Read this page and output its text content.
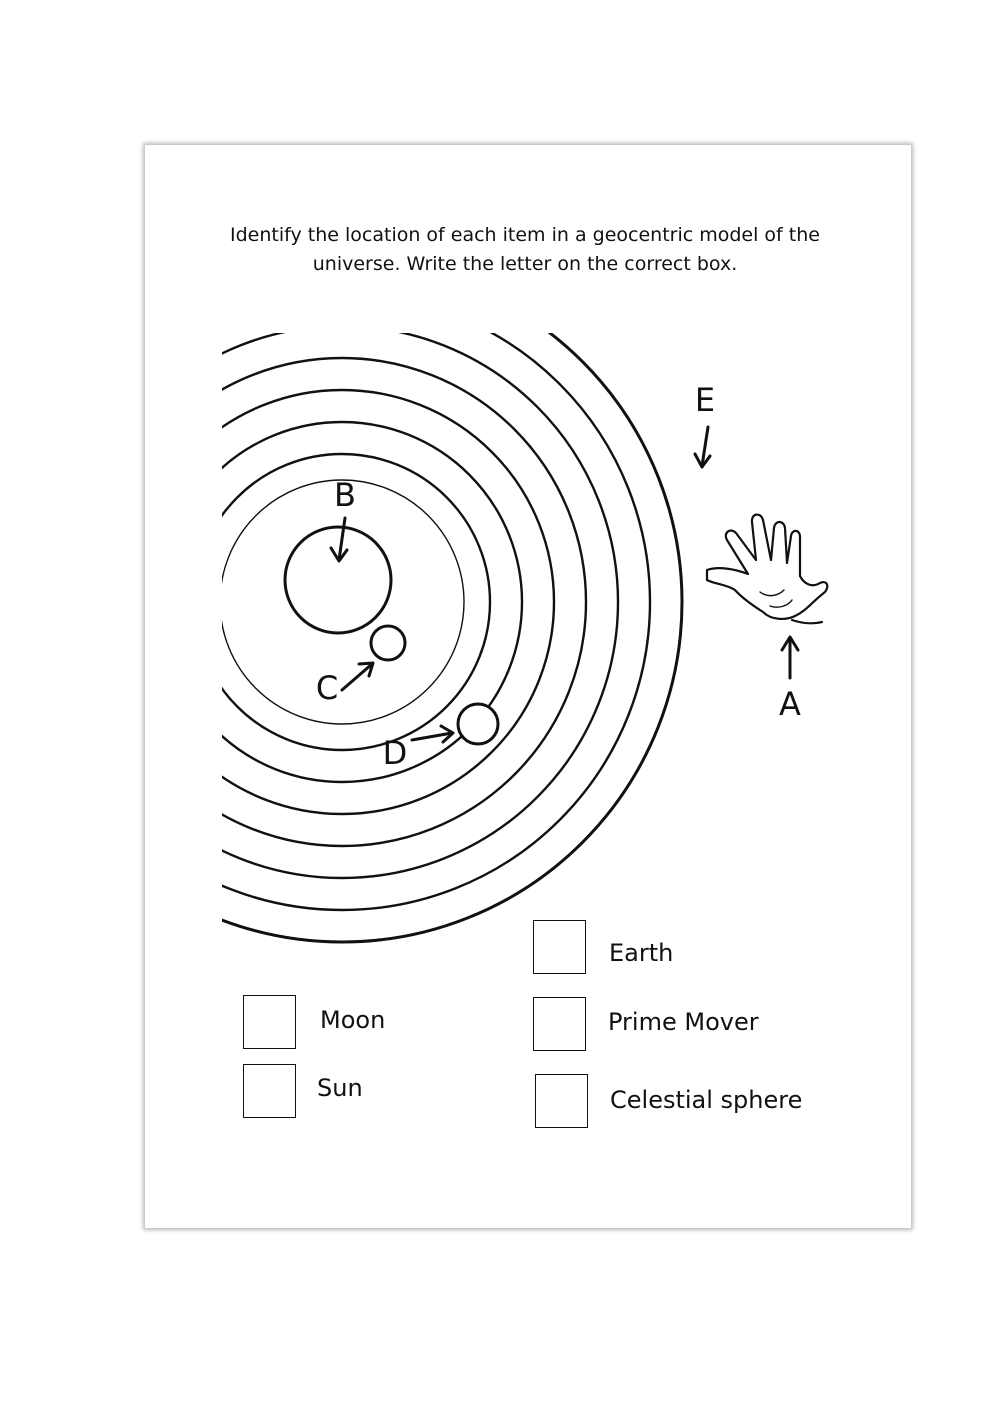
Identify the location of each item in a geocentric model of the
universe. Write the letter on the correct box.
B
C
D
E
A
Earth
Moon	Prime Mover
Sun	Celestial sphere
